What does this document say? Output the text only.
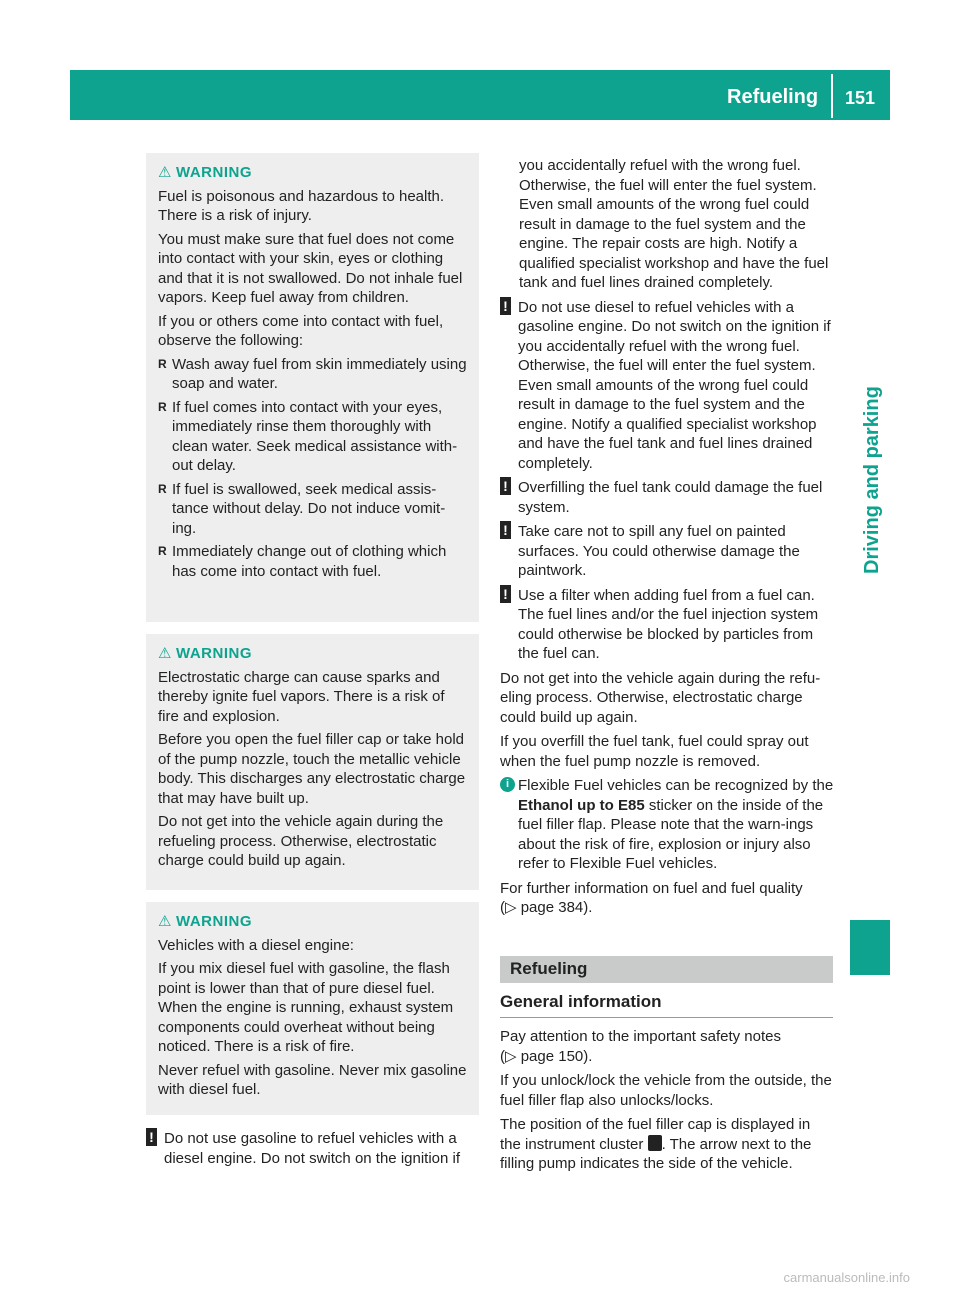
Refueling 151
Driving and parking

⚠ WARNING

Fuel is poisonous and hazardous to health. There is a risk of injury.

You must make sure that fuel does not come into contact with your skin, eyes or clothing and that it is not swallowed. Do not inhale fuel vapors. Keep fuel away from children.

If you or others come into contact with fuel, observe the following:

R Wash away fuel from skin immediately using soap and water.

R If fuel comes into contact with your eyes, immediately rinse them thoroughly with clean water. Seek medical assistance with-out delay.

R If fuel is swallowed, seek medical assis-tance without delay. Do not induce vomit-ing.

R Immediately change out of clothing which has come into contact with fuel.

⚠ WARNING

Electrostatic charge can cause sparks and thereby ignite fuel vapors. There is a risk of fire and explosion.

Before you open the fuel filler cap or take hold of the pump nozzle, touch the metallic vehicle body. This discharges any electrostatic charge that may have built up.

Do not get into the vehicle again during the refueling process. Otherwise, electrostatic charge could build up again.

⚠ WARNING

Vehicles with a diesel engine:

If you mix diesel fuel with gasoline, the flash point is lower than that of pure diesel fuel. When the engine is running, exhaust system components could overheat without being noticed. There is a risk of fire.

Never refuel with gasoline. Never mix gasoline with diesel fuel.

! Do not use gasoline to refuel vehicles with a diesel engine. Do not switch on the ignition if

you accidentally refuel with the wrong fuel. Otherwise, the fuel will enter the fuel system. Even small amounts of the wrong fuel could result in damage to the fuel system and the engine. The repair costs are high. Notify a qualified specialist workshop and have the fuel tank and fuel lines drained completely.

! Do not use diesel to refuel vehicles with a gasoline engine. Do not switch on the ignition if you accidentally refuel with the wrong fuel. Otherwise, the fuel will enter the fuel system. Even small amounts of the wrong fuel could result in damage to the fuel system and the engine. Notify a qualified specialist workshop and have the fuel tank and fuel lines drained completely.

! Overfilling the fuel tank could damage the fuel system.

! Take care not to spill any fuel on painted surfaces. You could otherwise damage the paintwork.

! Use a filter when adding fuel from a fuel can. The fuel lines and/or the fuel injection system could otherwise be blocked by particles from the fuel can.

Do not get into the vehicle again during the refu-eling process. Otherwise, electrostatic charge could build up again.

If you overfill the fuel tank, fuel could spray out when the fuel pump nozzle is removed.

i Flexible Fuel vehicles can be recognized by the Ethanol up to E85 sticker on the inside of the fuel filler flap. Please note that the warn-ings about the risk of fire, explosion or injury also refer to Flexible Fuel vehicles.

For further information on fuel and fuel quality
(▷ page 384).

Refueling
General information

Pay attention to the important safety notes
(▷ page 150).

If you unlock/lock the vehicle from the outside, the fuel filler flap also unlocks/locks.

The position of the fuel filler cap is displayed in the instrument cluster . The arrow next to the filling pump indicates the side of the vehicle.

carmanualsonline.info
